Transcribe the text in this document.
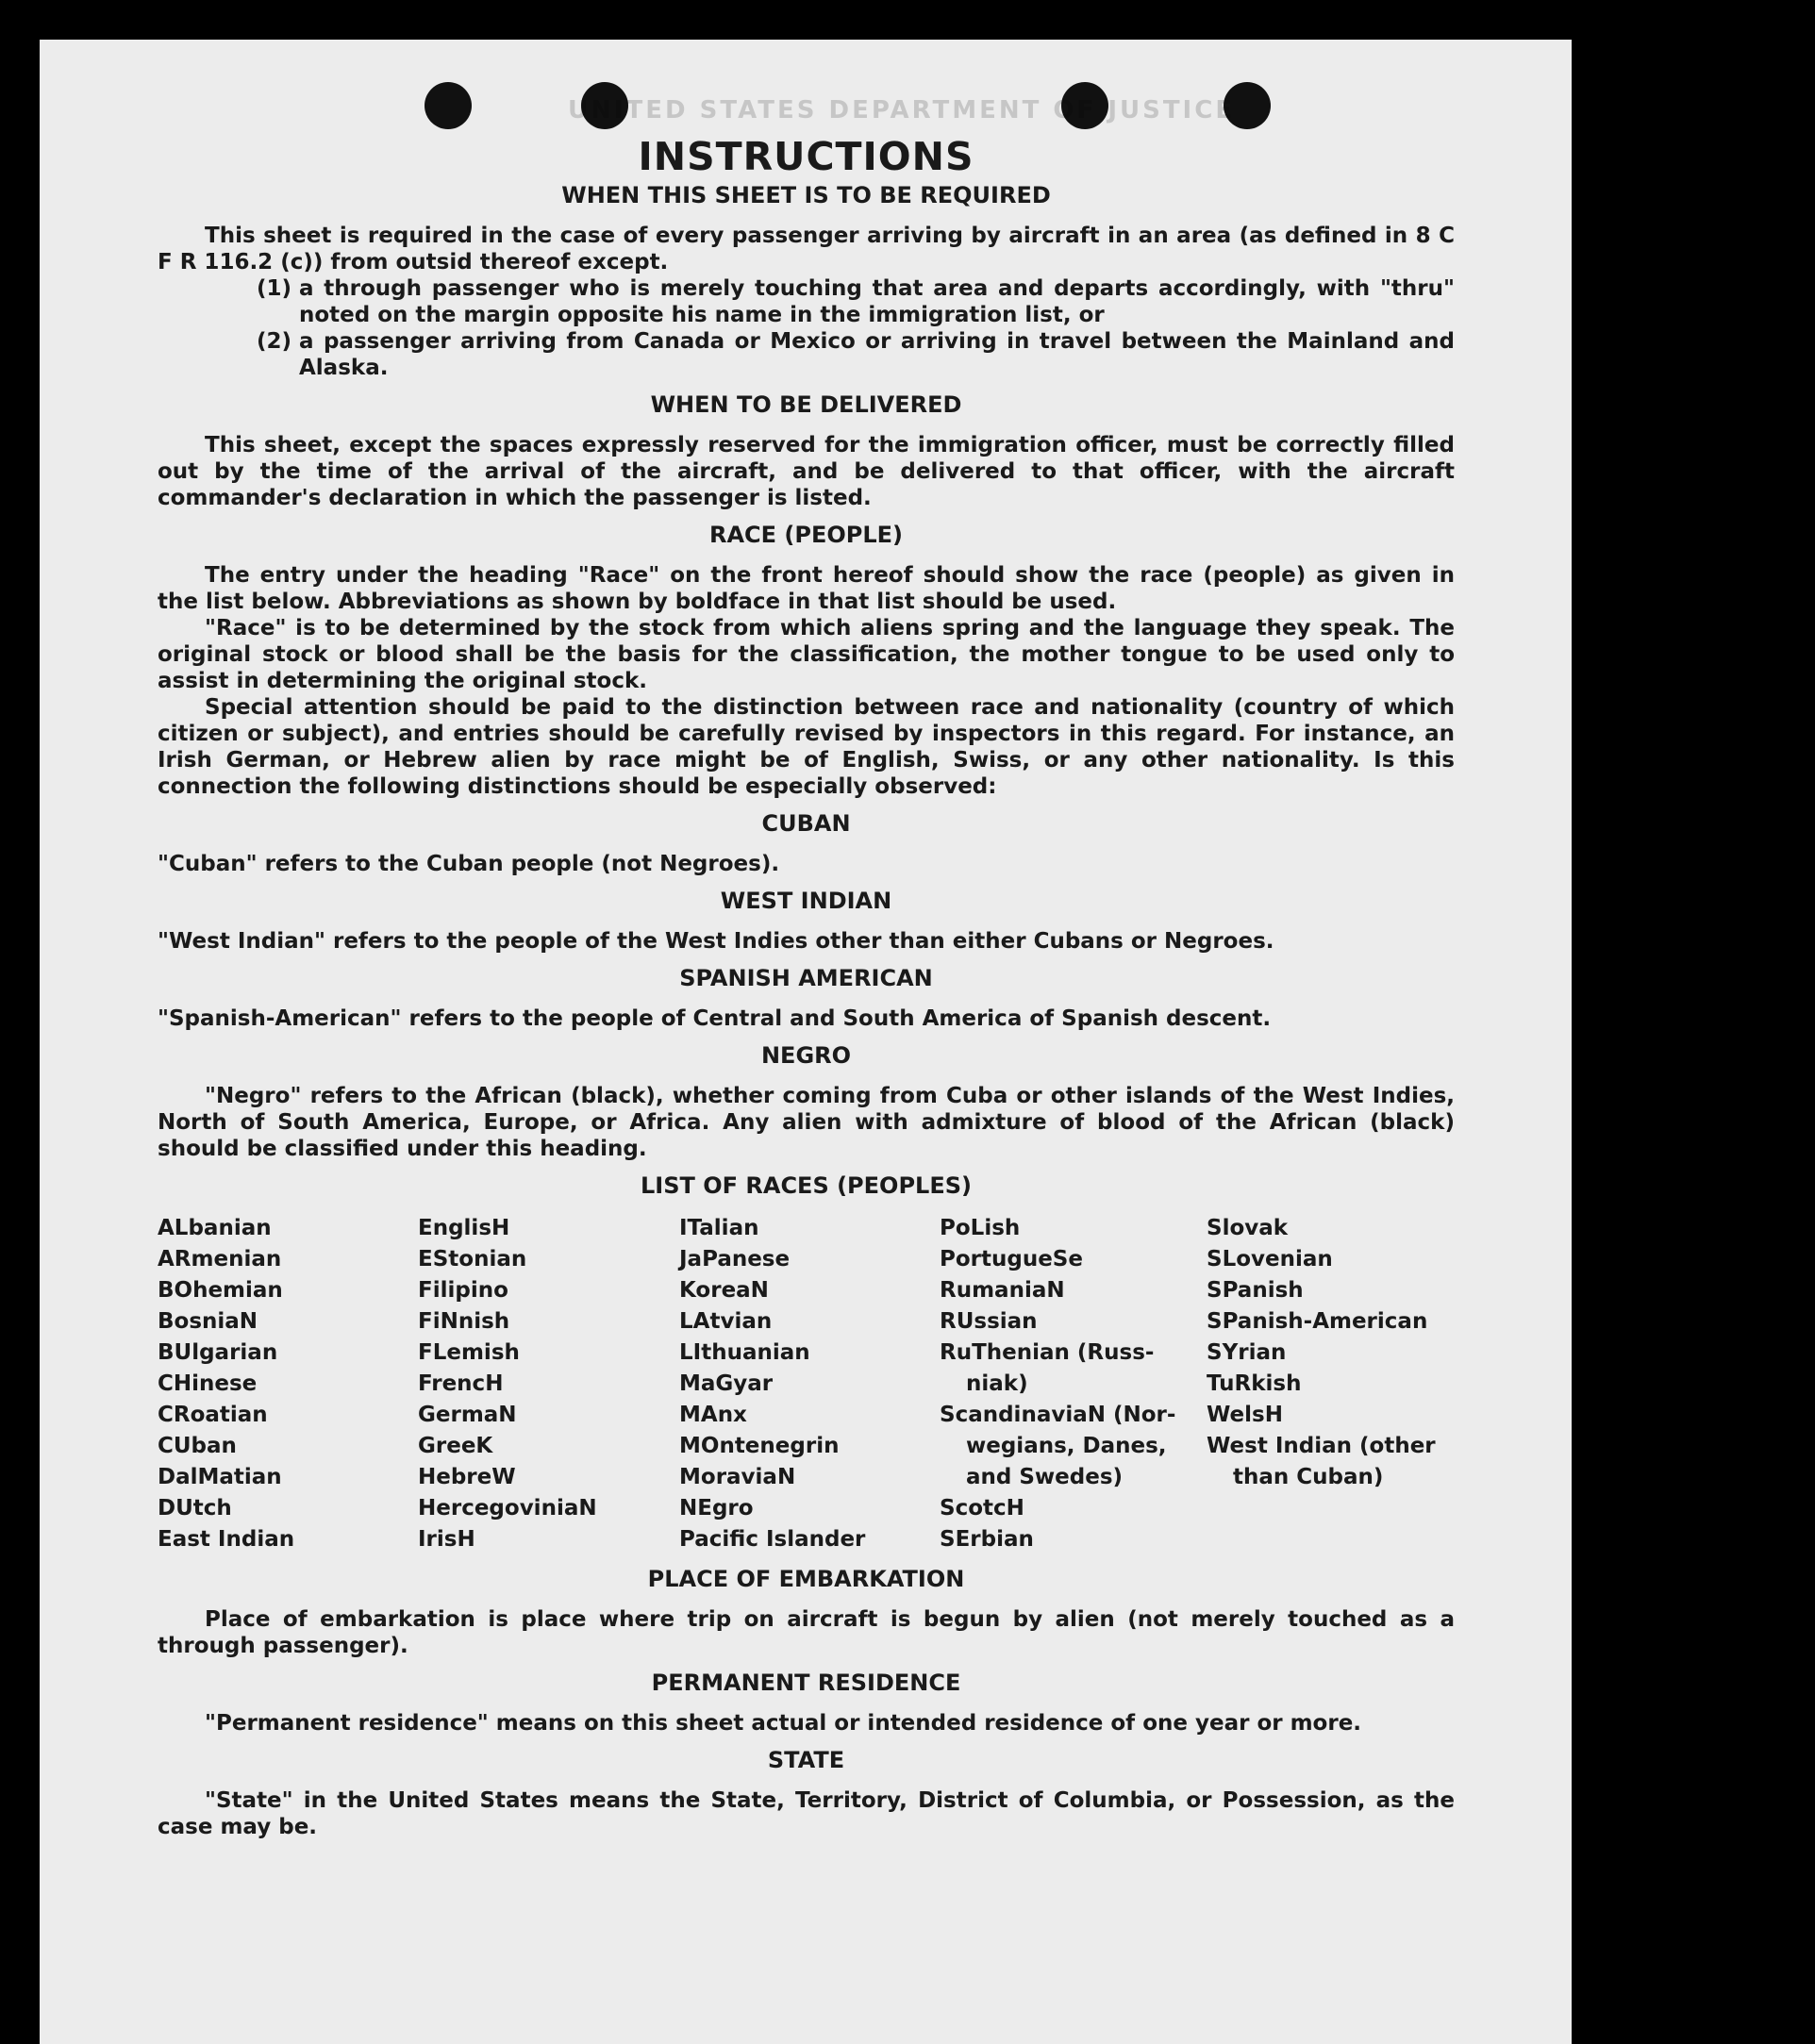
UNITED STATES DEPARTMENT OF JUSTICE
INSTRUCTIONS
WHEN THIS SHEET IS TO BE REQUIRED

This sheet is required in the case of every passenger arriving by aircraft in an area (as defined in 8 C F R 116.2 (c)) from outsid thereof except.

(1) a through passenger who is merely touching that area and departs accordingly, with "thru" noted on the margin opposite his name in the immigration list, or
(2) a passenger arriving from Canada or Mexico or arriving in travel between the Mainland and Alaska.
WHEN TO BE DELIVERED

This sheet, except the spaces expressly reserved for the immigration officer, must be correctly filled out by the time of the arrival of the aircraft, and be delivered to that officer, with the aircraft commander's declaration in which the passenger is listed.

RACE (PEOPLE)

The entry under the heading "Race" on the front hereof should show the race (people) as given in the list below. Abbreviations as shown by boldface in that list should be used.

"Race" is to be determined by the stock from which aliens spring and the language they speak. The original stock or blood shall be the basis for the classification, the mother tongue to be used only to assist in determining the original stock.

Special attention should be paid to the distinction between race and nationality (country of which citizen or subject), and entries should be carefully revised by inspectors in this regard. For instance, an Irish German, or Hebrew alien by race might be of English, Swiss, or any other nationality. Is this connection the following distinctions should be especially observed:

CUBAN

"Cuban" refers to the Cuban people (not Negroes).

WEST INDIAN

"West Indian" refers to the people of the West Indies other than either Cubans or Negroes.

SPANISH AMERICAN

"Spanish-American" refers to the people of Central and South America of Spanish descent.

NEGRO

"Negro" refers to the African (black), whether coming from Cuba or other islands of the West Indies, North of South America, Europe, or Africa. Any alien with admixture of blood of the African (black) should be classified under this heading.

LIST OF RACES (PEOPLES)
ALbanian
ARmenian
BOhemian
BosniaN
BUlgarian
CHinese
CRoatian
CUban
DalMatian
DUtch
East Indian
EnglisH
EStonian
Filipino
FiNnish
FLemish
FrencH
GermaN
GreeK
HebreW
HercegoviniaN
IrisH
ITalian
JaPanese
KoreaN
LAtvian
LIthuanian
MaGyar
MAnx
MOntenegrin
MoraviaN
NEgro
Pacific Islander
PoLish
PortugueSe
RumaniaN
RUssian
RuThenian (Russ-
niak)
ScandinaviaN (Nor-
wegians, Danes,
and Swedes)
ScotcH
SErbian
Slovak
SLovenian
SPanish
SPanish-American
SYrian
TuRkish
WelsH
West Indian (other
than Cuban)
PLACE OF EMBARKATION

Place of embarkation is place where trip on aircraft is begun by alien (not merely touched as a through passenger).

PERMANENT RESIDENCE

"Permanent residence" means on this sheet actual or intended residence of one year or more.

STATE

"State" in the United States means the State, Territory, District of Columbia, or Possession, as the case may be.
